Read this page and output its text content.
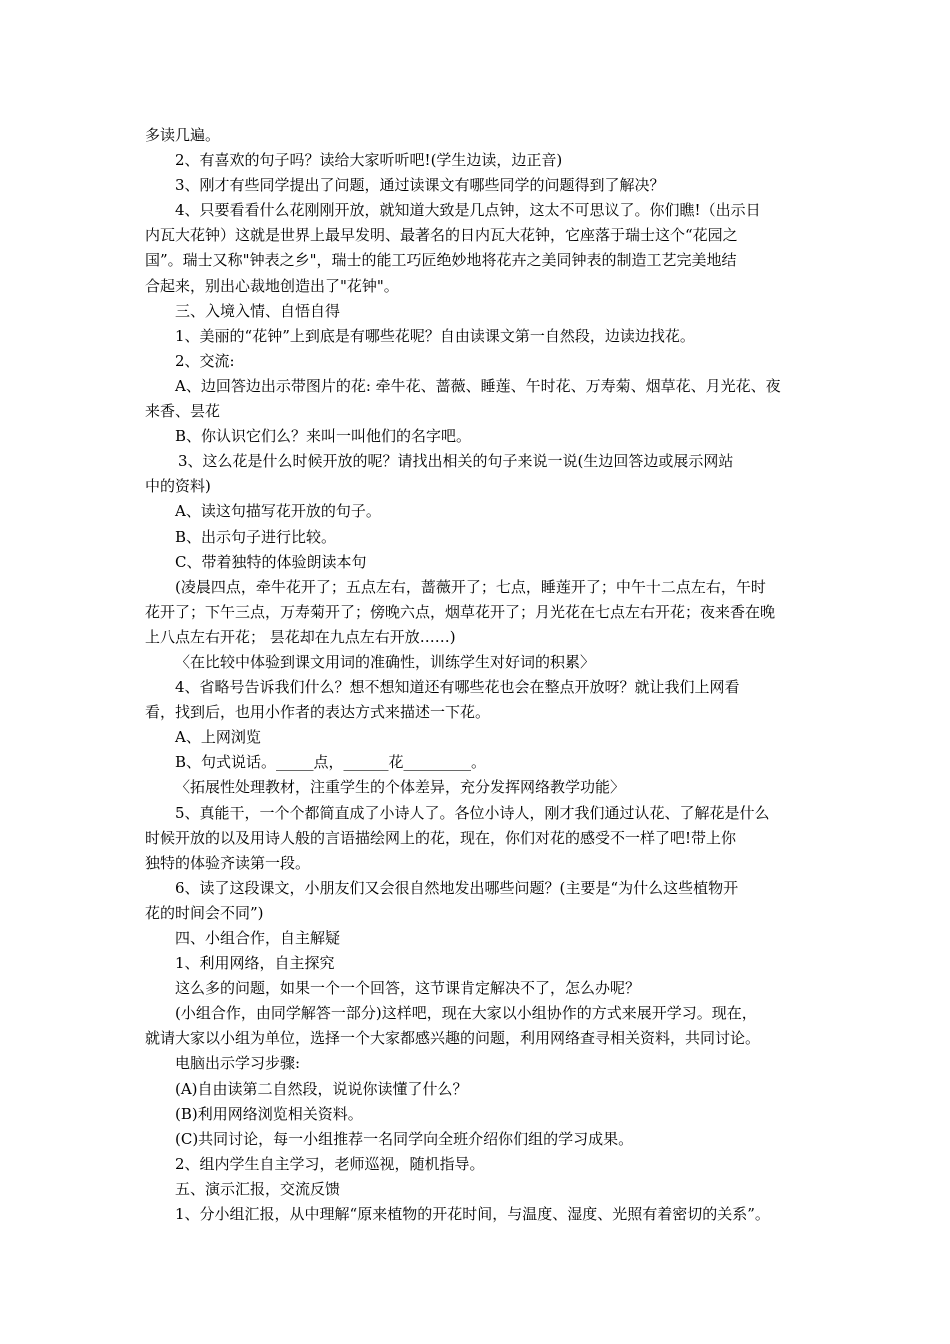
多读几遍。
2、有喜欢的句子吗？读给大家听听吧!(学生边读，边正音)
3、刚才有些同学提出了问题，通过读课文有哪些同学的问题得到了解决？
4、只要看看什么花刚刚开放，就知道大致是几点钟，这太不可思议了。你们瞧!（出示日
内瓦大花钟）这就是世界上最早发明、最著名的日内瓦大花钟，它座落于瑞士这个“花园之
国”。瑞士又称"钟表之乡"，瑞士的能工巧匠绝妙地将花卉之美同钟表的制造工艺完美地结
合起来，别出心裁地创造出了"花钟"。
三、入境入情、自悟自得
1、美丽的“花钟”上到底是有哪些花呢？自由读课文第一自然段，边读边找花。
2、交流:
A、边回答边出示带图片的花: 牵牛花、蔷薇、睡莲、午时花、万寿菊、烟草花、月光花、夜
来香、昙花
B、你认识它们么？来叫一叫他们的名字吧。
3、这么花是什么时候开放的呢？请找出相关的句子来说一说(生边回答边或展示网站
中的资料)
A、读这句描写花开放的句子。
B、出示句子进行比较。
C、带着独特的体验朗读本句
(凌晨四点，牵牛花开了；五点左右，蔷薇开了；七点，睡莲开了；中午十二点左右，午时
花开了；下午三点，万寿菊开了；傍晚六点，烟草花开了；月光花在七点左右开花；夜来香在晚
上八点左右开花； 昙花却在九点左右开放……)
〈在比较中体验到课文用词的准确性，训练学生对好词的积累〉
4、省略号告诉我们什么？想不想知道还有哪些花也会在整点开放呀？就让我们上网看
看，找到后，也用小作者的表达方式来描述一下花。
A、上网浏览
B、句式说话。_____点，______花_________。
〈拓展性处理教材，注重学生的个体差异，充分发挥网络教学功能〉
5、真能干，一个个都简直成了小诗人了。各位小诗人，刚才我们通过认花、了解花是什么
时候开放的以及用诗人般的言语描绘网上的花，现在，你们对花的感受不一样了吧!带上你
独特的体验齐读第一段。
6、读了这段课文，小朋友们又会很自然地发出哪些问题？(主要是“为什么这些植物开
花的时间会不同”)
四、小组合作，自主解疑
1、利用网络，自主探究
这么多的问题，如果一个一个回答，这节课肯定解决不了，怎么办呢？
(小组合作，由同学解答一部分)这样吧，现在大家以小组协作的方式来展开学习。现在，
就请大家以小组为单位，选择一个大家都感兴趣的问题，利用网络查寻相关资料，共同讨论。
电脑出示学习步骤:
(A)自由读第二自然段，说说你读懂了什么？
(B)利用网络浏览相关资料。
(C)共同讨论，每一小组推荐一名同学向全班介绍你们组的学习成果。
2、组内学生自主学习，老师巡视，随机指导。
五、演示汇报，交流反馈
1、分小组汇报，从中理解“原来植物的开花时间，与温度、湿度、光照有着密切的关系”。
